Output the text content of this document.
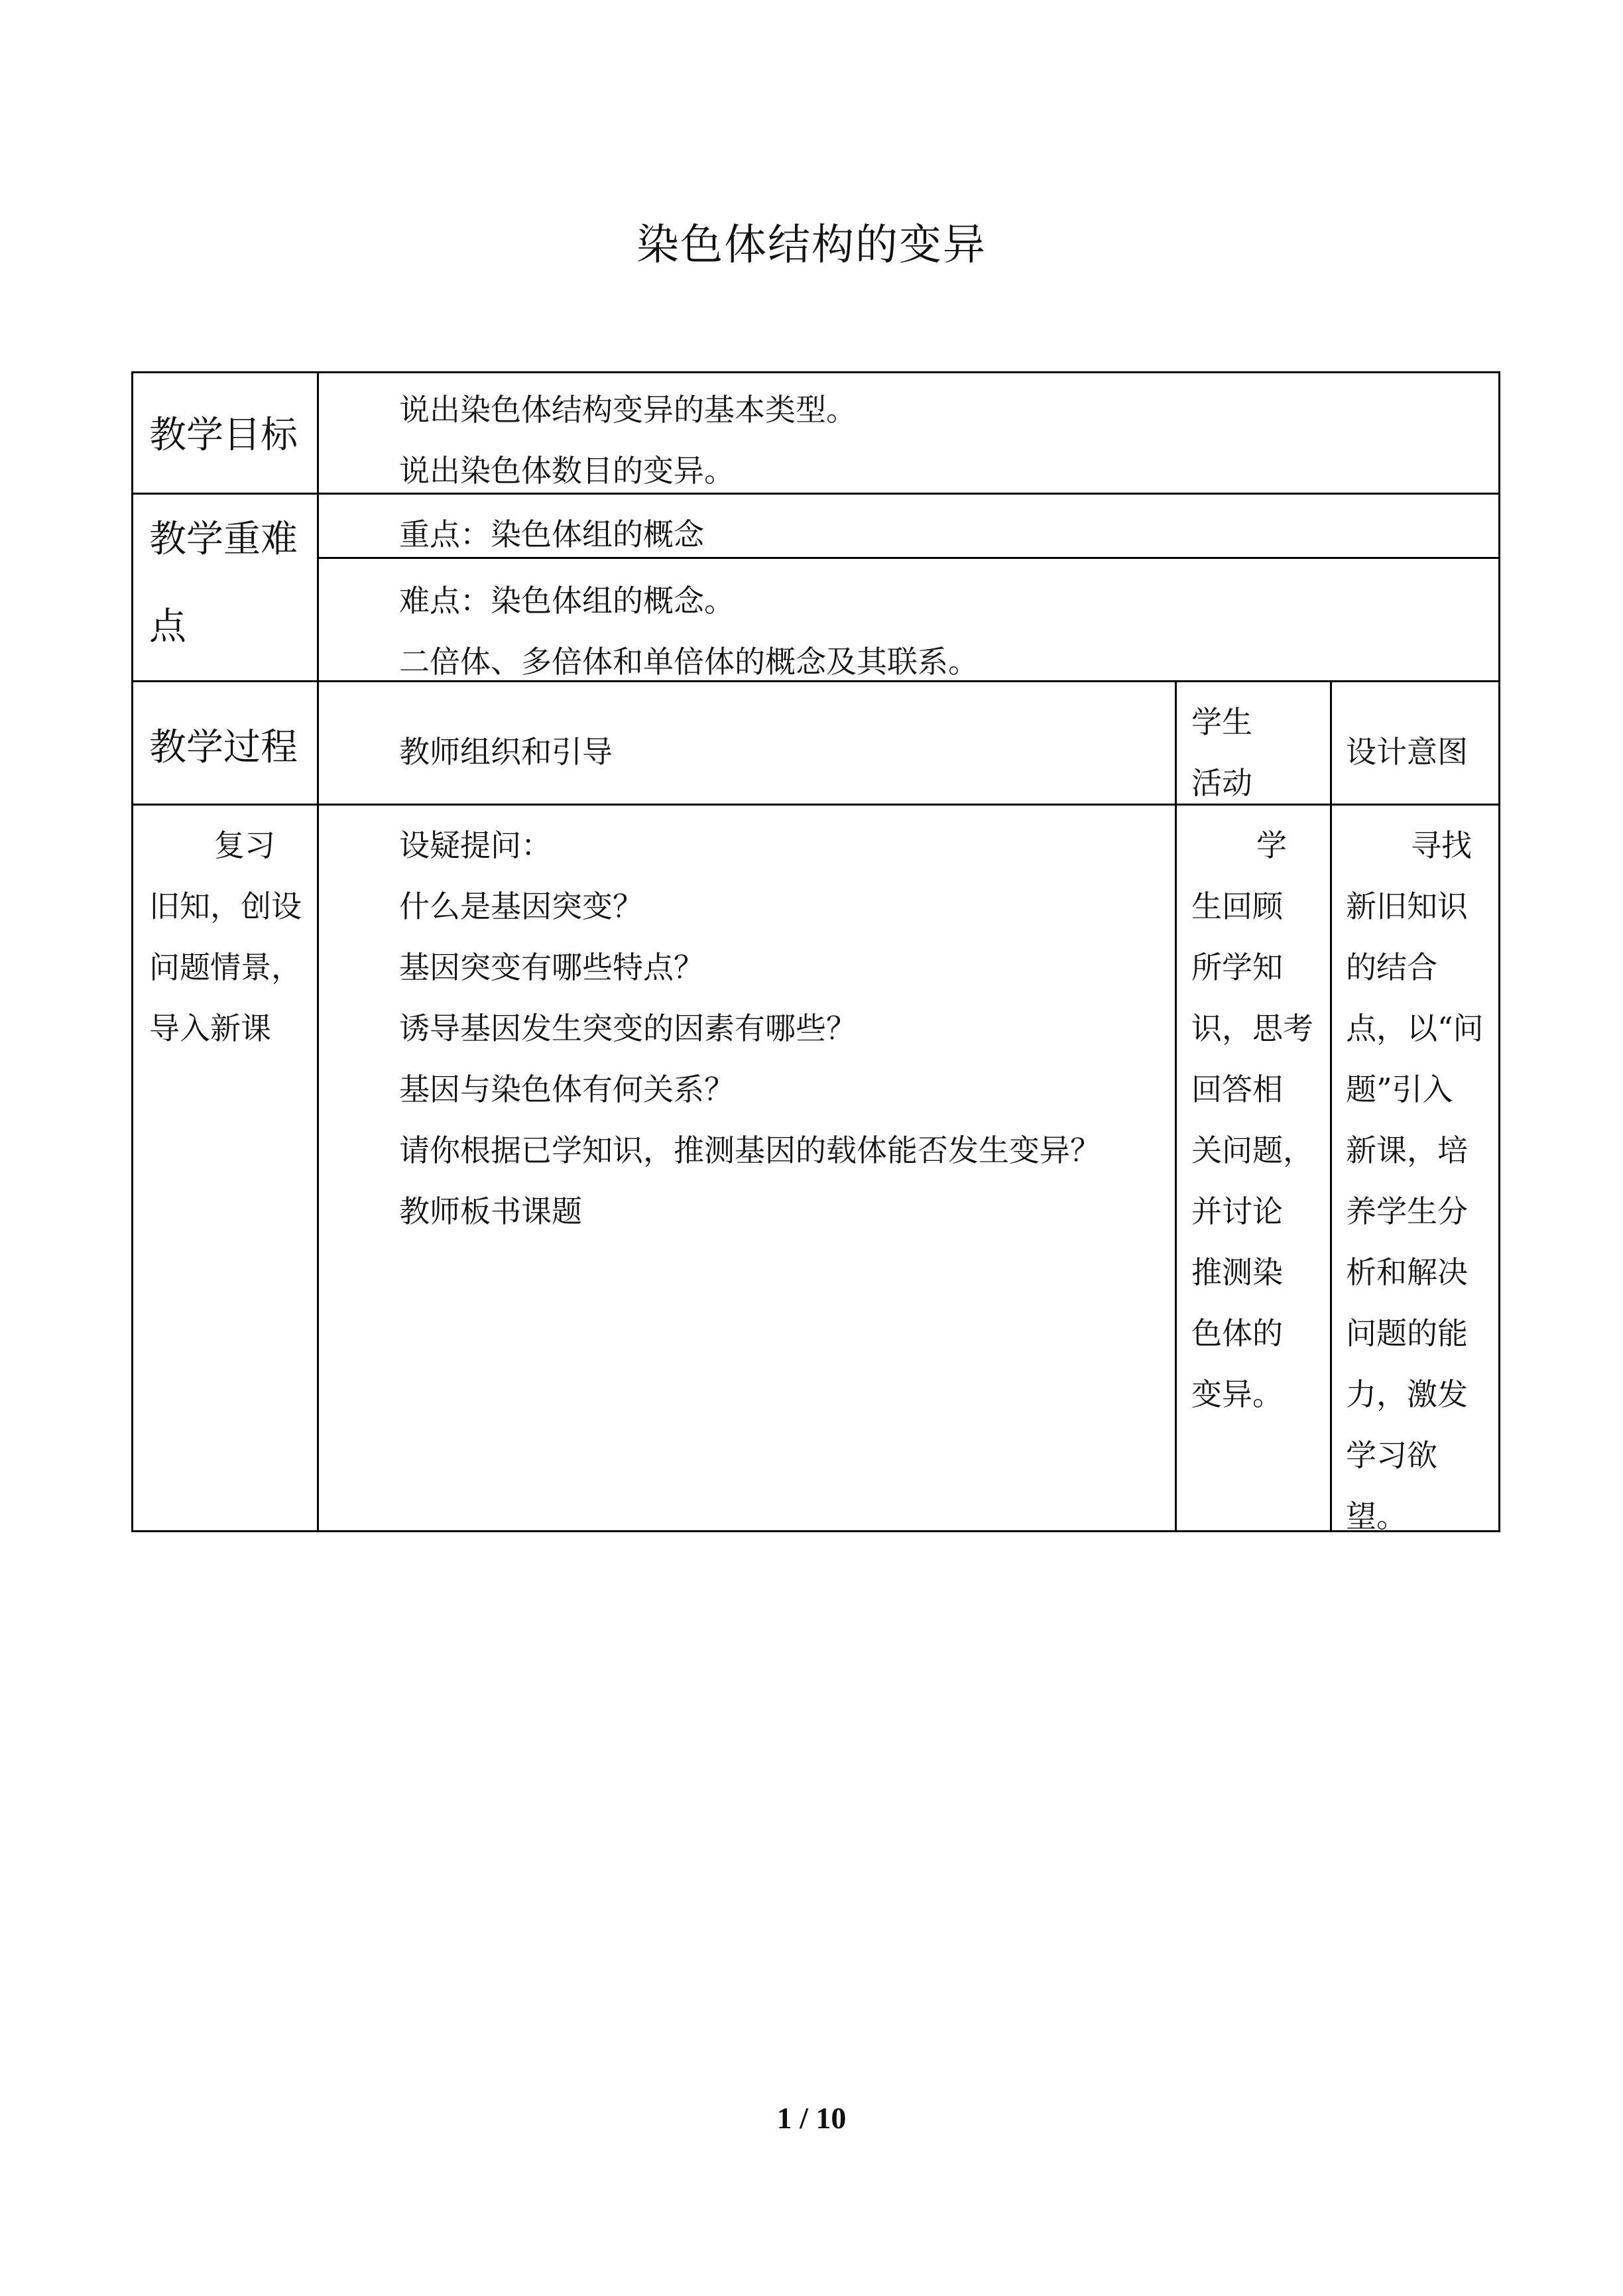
染色体结构的变异
教学目标
说出染色体结构变异的基本类型。
说出染色体数目的变异。
教学重难
点
重点：染色体组的概念
难点：染色体组的概念。
二倍体、多倍体和单倍体的概念及其联系。
教学过程	教师组织和引导
学生
活动
设计意图
复习
旧知，创设
问题情景，
导入新课
设疑提问：
什么是基因突变？
基因突变有哪些特点？
诱导基因发生突变的因素有哪些？
基因与染色体有何关系？
请你根据已学知识，推测基因的载体能否发生变异？
教师板书课题
学
生回顾
所学知
识，思考
回答相
关问题，
并讨论
推测染
色体的
变异。
寻找
新旧知识
的结合
点，以“问
题”引入
新课，培
养学生分
析和解决
问题的能
力，激发
学习欲
望。
1 / 10
